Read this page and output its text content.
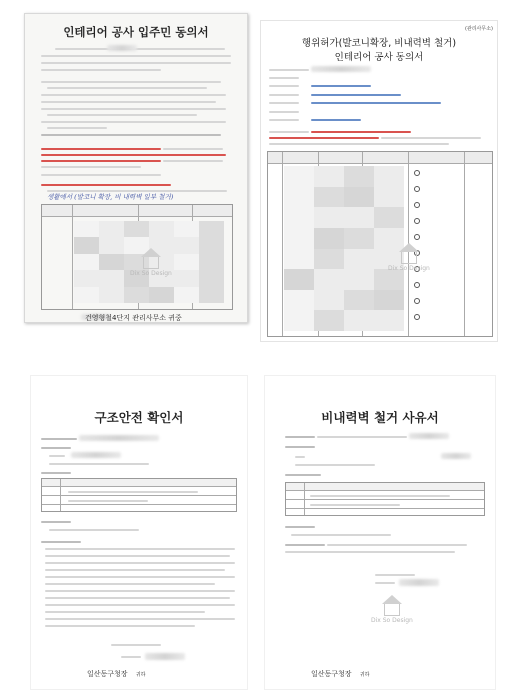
인테리어 공사 입주민 동의서
생활에서 (발코니 확장, 비 내력벽 일부 철거)
Dix So Design
건영형철4단지 관리사무소 귀중
(관리사무소)
행위허가(발코니확장, 비내력벽 철거)
인테리어 공사 동의서
Dix So Design
구조안전 확인서
일산동구청장 귀하
비내력벽 철거 사유서
Dix So Design
일산동구청장 귀하
